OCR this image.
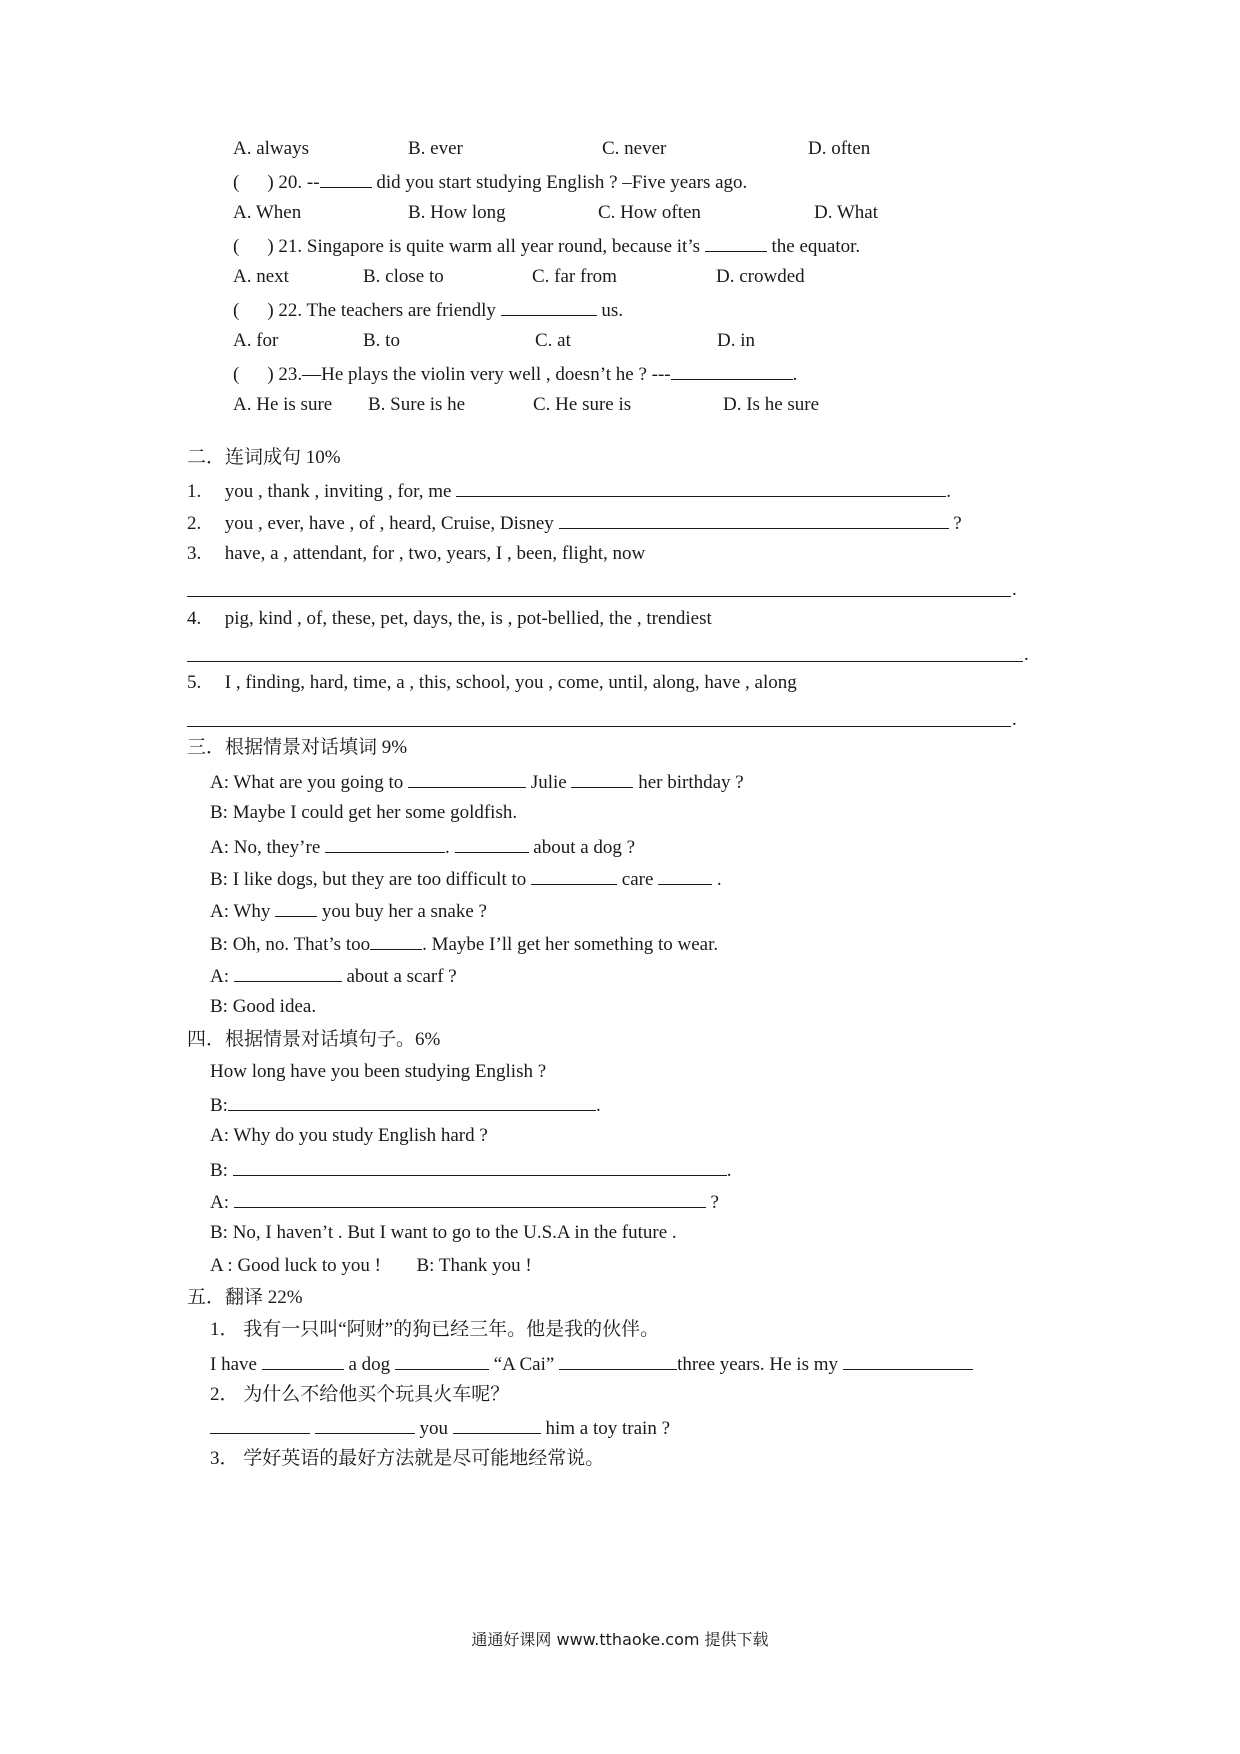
A. always	B. ever	C. never	D. often
( ) 20. --	did you start studying English ? –Five years ago.
A. When	B. How long	C. How often	D. What
( ) 21. Singapore is quite warm all year round, because it’s	the equator.
A. next	B. close to	C. far from	D. crowded
( ) 22. The teachers are friendly	us.
A. for	B. to	C. at	D. in
( ) 23.—He plays the violin very well , doesn’t he ? ---	.
A. He is sure B. Sure is he	C. He sure is	D. Is he sure
二．连词成句 10%
1. you , thank , inviting , for, me	.
2. you , ever, have , of , heard, Cruise, Disney	?
3. have, a , attendant, for , two, years, I , been, flight, now
.
4. pig, kind , of, these, pet, days, the, is , pot-bellied, the , trendiest
.
5. I , finding, hard, time, a , this, school, you , come, until, along, have , along
.
三．根据情景对话填词 9%
A: What are you going to	Julie	her birthday ?
B: Maybe I could get her some goldfish.
A: No, they’re	.	about a dog ?
B: I like dogs, but they are too difficult to	care	.
A: Why	you buy her a snake ?
B: Oh, no. That’s too	. Maybe I’ll get her something to wear.
A:	about a scarf ?
B: Good idea.
四．根据情景对话填句子。6%
How long have you been studying English ?
B:	.
A: Why do you study English hard ?
B:	.
A:	?
B: No, I haven’t . But I want to go to the U.S.A in the future .
A : Good luck to you ! B: Thank you !
五．翻译 22%
1． 我有一只叫“阿财”的狗已经三年。他是我的伙伴。
I have	a dog	“A Cai”	three years. He is my
2． 为什么不给他买个玩具火车呢？
you	him a toy train ?
3． 学好英语的最好方法就是尽可能地经常说。
通通好课网 www.tthaoke.com 提供下载
